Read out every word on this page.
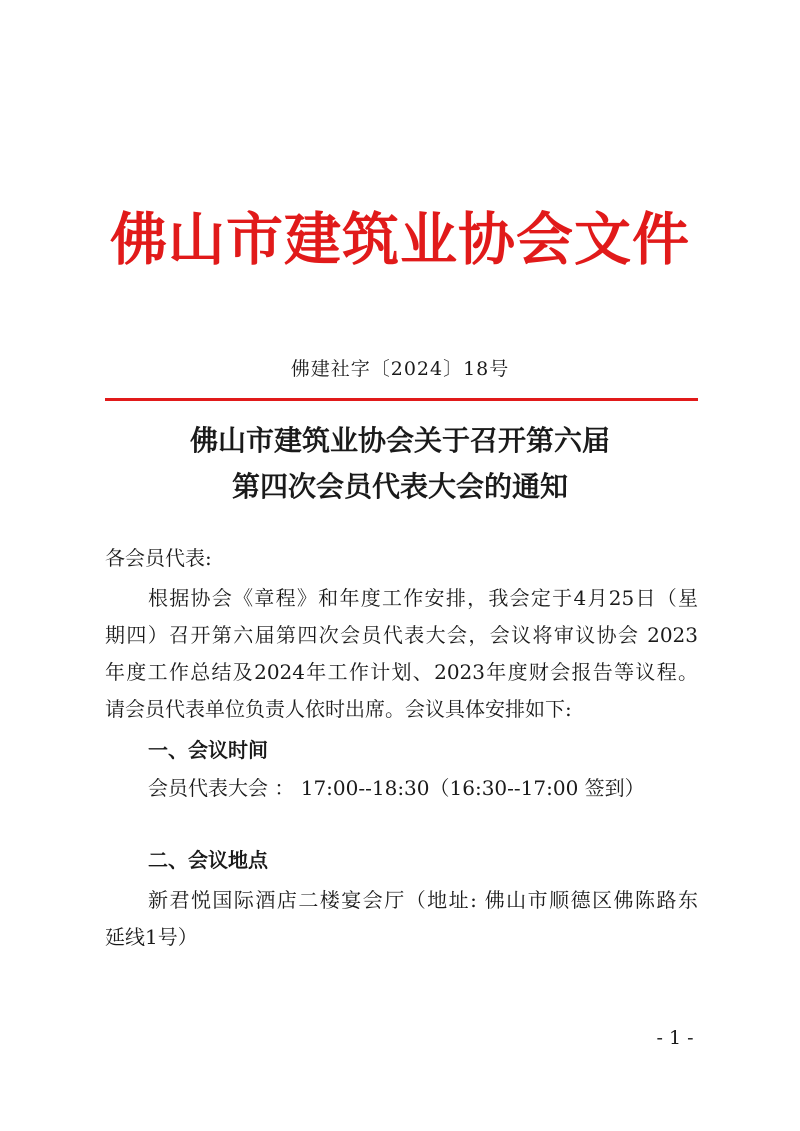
佛山市建筑业协会文件
佛建社字〔2024〕18号
佛山市建筑业协会关于召开第六届
第四次会员代表大会的通知
各会员代表:
根据协会《章程》和年度工作安排，我会定于4月25日（星
期四）召开第六届第四次会员代表大会，会议将审议协会 2023
年度工作总结及2024年工作计划、2023年度财会报告等议程。
请会员代表单位负责人依时出席。会议具体安排如下:
一、会议时间
会员代表大会 ： 17:00--18:30（16:30--17:00 签到）
二、会议地点
新君悦国际酒店二楼宴会厅（地址: 佛山市顺德区佛陈路东
延线1号）
- 1 -
